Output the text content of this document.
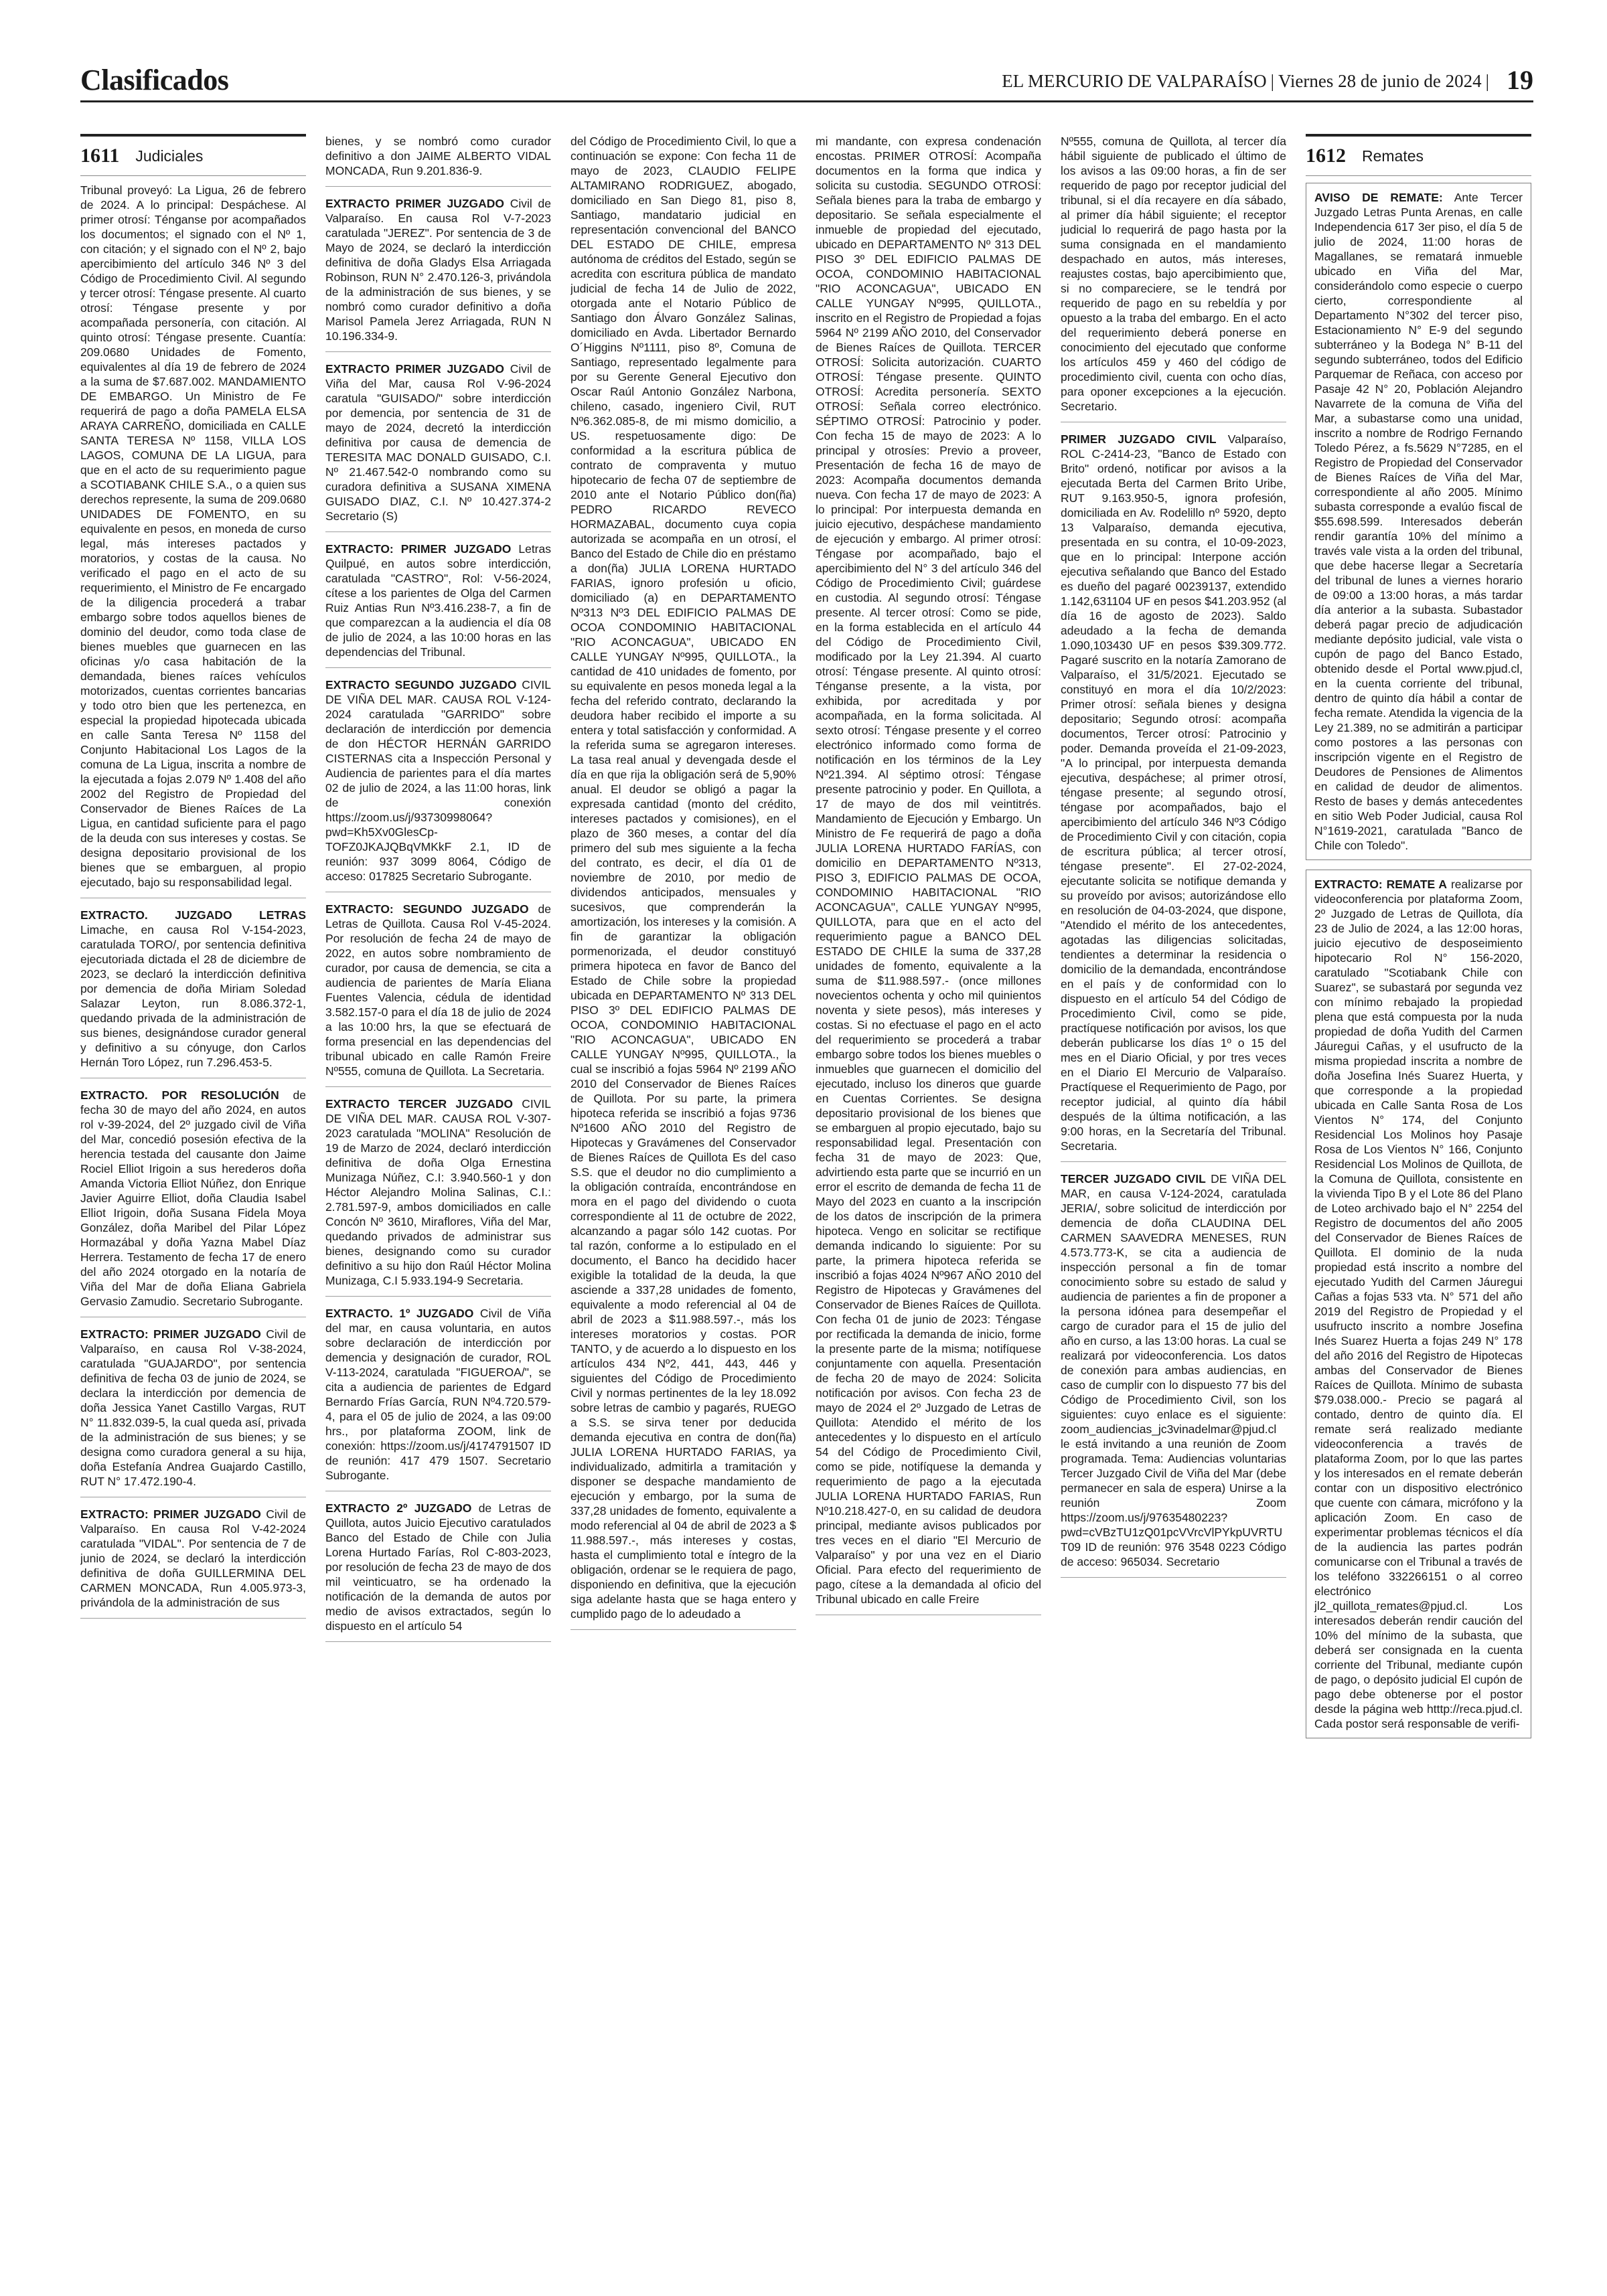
Clasificados	EL MERCURIO DE VALPARAÍSO | Viernes 28 de junio de 2024 | 19
1611 Judiciales

Tribunal proveyó: La Ligua, 26 de febrero de 2024. A lo principal: Despáchese. Al primer otrosí: Ténganse por acompañados los documentos; el signado con el Nº 1, con citación; y el signado con el Nº 2, bajo apercibimiento del artículo 346 Nº 3 del Código de Procedimiento Civil. Al segundo y tercer otrosí: Téngase presente. Al cuarto otrosí: Téngase presente y por acompañada personería, con citación. Al quinto otrosí: Téngase presente. Cuantía: 209.0680 Unidades de Fomento, equivalentes al día 19 de febrero de 2024 a la suma de $7.687.002. MANDAMIENTO DE EMBARGO. Un Ministro de Fe requerirá de pago a doña PAMELA ELSA ARAYA CARREÑO, domiciliada en CALLE SANTA TERESA Nº 1158, VILLA LOS LAGOS, COMUNA DE LA LIGUA, para que en el acto de su requerimiento pague a SCOTIABANK CHILE S.A., o a quien sus derechos represente, la suma de 209.0680 UNIDADES DE FOMENTO, en su equivalente en pesos, en moneda de curso legal, más intereses pactados y moratorios, y costas de la causa. No verificado el pago en el acto de su requerimiento, el Ministro de Fe encargado de la diligencia procederá a trabar embargo sobre todos aquellos bienes de dominio del deudor, como toda clase de bienes muebles que guarnecen en las oficinas y/o casa habitación de la demandada, bienes raíces vehículos motorizados, cuentas corrientes bancarias y todo otro bien que les pertenezca, en especial la propiedad hipotecada ubicada en calle Santa Teresa Nº 1158 del Conjunto Habitacional Los Lagos de la comuna de La Ligua, inscrita a nombre de la ejecutada a fojas 2.079 Nº 1.408 del año 2002 del Registro de Propiedad del Conservador de Bienes Raíces de La Ligua, en cantidad suficiente para el pago de la deuda con sus intereses y costas. Se designa depositario provisional de los bienes que se embarguen, al propio ejecutado, bajo su responsabilidad legal.

EXTRACTO. JUZGADO LETRAS Limache, en causa Rol V-154-2023, caratulada TORO/, por sentencia definitiva ejecutoriada dictada el 28 de diciembre de 2023, se declaró la interdicción definitiva por demencia de doña Miriam Soledad Salazar Leyton, run 8.086.372-1, quedando privada de la administración de sus bienes, designándose curador general y definitivo a su cónyuge, don Carlos Hernán Toro López, run 7.296.453-5.

EXTRACTO. POR RESOLUCIÓN de fecha 30 de mayo del año 2024, en autos rol v-39-2024, del 2º juzgado civil de Viña del Mar, concedió posesión efectiva de la herencia testada del causante don Jaime Rociel Elliot Irigoin a sus herederos doña Amanda Victoria Elliot Núñez, don Enrique Javier Aguirre Elliot, doña Claudia Isabel Elliot Irigoin, doña Susana Fidela Moya González, doña Maribel del Pilar López Hormazábal y doña Yazna Mabel Díaz Herrera. Testamento de fecha 17 de enero del año 2024 otorgado en la notaría de Viña del Mar de doña Eliana Gabriela Gervasio Zamudio. Secretario Subrogante.

EXTRACTO: PRIMER JUZGADO Civil de Valparaíso, en causa Rol V-38-2024, caratulada "GUAJARDO", por sentencia definitiva de fecha 03 de junio de 2024, se declara la interdicción por demencia de doña Jessica Yanet Castillo Vargas, RUT N° 11.832.039-5, la cual queda así, privada de la administración de sus bienes; y se designa como curadora general a su hija, doña Estefanía Andrea Guajardo Castillo, RUT N° 17.472.190-4.

EXTRACTO: PRIMER JUZGADO Civil de Valparaíso. En causa Rol V-42-2024 caratulada "VIDAL". Por sentencia de 7 de junio de 2024, se declaró la interdicción definitiva de doña GUILLERMINA DEL CARMEN MONCADA, Run 4.005.973-3, privándola de la administración de sus

bienes, y se nombró como curador definitivo a don JAIME ALBERTO VIDAL MONCADA, Run 9.201.836-9.

EXTRACTO PRIMER JUZGADO Civil de Valparaíso. En causa Rol V-7-2023 caratulada "JEREZ". Por sentencia de 3 de Mayo de 2024, se declaró la interdicción definitiva de doña Gladys Elsa Arriagada Robinson, RUN N° 2.470.126-3, privándola de la administración de sus bienes, y se nombró como curador definitivo a doña Marisol Pamela Jerez Arriagada, RUN N 10.196.334-9.

EXTRACTO PRIMER JUZGADO Civil de Viña del Mar, causa Rol V-96-2024 caratula "GUISADO/" sobre interdicción por demencia, por sentencia de 31 de mayo de 2024, decretó la interdicción definitiva por causa de demencia de TERESITA MAC DONALD GUISADO, C.I. Nº 21.467.542-0 nombrando como su curadora definitiva a SUSANA XIMENA GUISADO DIAZ, C.I. Nº 10.427.374-2 Secretario (S)

EXTRACTO: PRIMER JUZGADO Letras Quilpué, en autos sobre interdicción, caratulada "CASTRO", Rol: V-56-2024, cítese a los parientes de Olga del Carmen Ruiz Antias Run Nº3.416.238-7, a fin de que comparezcan a la audiencia el día 08 de julio de 2024, a las 10:00 horas en las dependencias del Tribunal.

EXTRACTO SEGUNDO JUZGADO CIVIL DE VIÑA DEL MAR. CAUSA ROL V-124-2024 caratulada "GARRIDO" sobre declaración de interdicción por demencia de don HÉCTOR HERNÁN GARRIDO CISTERNAS cita a Inspección Personal y Audiencia de parientes para el día martes 02 de julio de 2024, a las 11:00 horas, link de conexión https://zoom.us/j/93730998064?pwd=Kh5Xv0GlesCp-TOFZ0JKAJQBqVMKkF 2.1, ID de reunión: 937 3099 8064, Código de acceso: 017825 Secretario Subrogante.

EXTRACTO: SEGUNDO JUZGADO de Letras de Quillota. Causa Rol V-45-2024. Por resolución de fecha 24 de mayo de 2022, en autos sobre nombramiento de curador, por causa de demencia, se cita a audiencia de parientes de María Eliana Fuentes Valencia, cédula de identidad 3.582.157-0 para el día 18 de julio de 2024 a las 10:00 hrs, la que se efectuará de forma presencial en las dependencias del tribunal ubicado en calle Ramón Freire Nº555, comuna de Quillota. La Secretaria.

EXTRACTO TERCER JUZGADO CIVIL DE VIÑA DEL MAR. CAUSA ROL V-307-2023 caratulada "MOLINA" Resolución de 19 de Marzo de 2024, declaró interdicción definitiva de doña Olga Ernestina Munizaga Núñez, C.I: 3.940.560-1 y don Héctor Alejandro Molina Salinas, C.I.: 2.781.597-9, ambos domiciliados en calle Concón Nº 3610, Miraflores, Viña del Mar, quedando privados de administrar sus bienes, designando como su curador definitivo a su hijo don Raúl Héctor Molina Munizaga, C.I 5.933.194-9 Secretaria.

EXTRACTO. 1º JUZGADO Civil de Viña del mar, en causa voluntaria, en autos sobre declaración de interdicción por demencia y designación de curador, ROL V-113-2024, caratulada "FIGUEROA/", se cita a audiencia de parientes de Edgard Bernardo Frías García, RUN Nº4.720.579-4, para el 05 de julio de 2024, a las 09:00 hrs., por plataforma ZOOM, link de conexión: https://zoom.us/j/4174791507 ID de reunión: 417 479 1507. Secretario Subrogante.

EXTRACTO 2º JUZGADO de Letras de Quillota, autos Juicio Ejecutivo caratulados Banco del Estado de Chile con Julia Lorena Hurtado Farías, Rol C-803-2023, por resolución de fecha 23 de mayo de dos mil veinticuatro, se ha ordenado la notificación de la demanda de autos por medio de avisos extractados, según lo dispuesto en el artículo 54

del Código de Procedimiento Civil, lo que a continuación se expone: Con fecha 11 de mayo de 2023, CLAUDIO FELIPE ALTAMIRANO RODRIGUEZ, abogado, domiciliado en San Diego 81, piso 8, Santiago, mandatario judicial en representación convencional del BANCO DEL ESTADO DE CHILE, empresa autónoma de créditos del Estado, según se acredita con escritura pública de mandato judicial de fecha 14 de Julio de 2022, otorgada ante el Notario Público de Santiago don Álvaro González Salinas, domiciliado en Avda. Libertador Bernardo O´Higgins Nº1111, piso 8º, Comuna de Santiago, representado legalmente para por su Gerente General Ejecutivo don Oscar Raúl Antonio González Narbona, chileno, casado, ingeniero Civil, RUT Nº6.362.085-8, de mi mismo domicilio, a US. respetuosamente digo: De conformidad a la escritura pública de contrato de compraventa y mutuo hipotecario de fecha 07 de septiembre de 2010 ante el Notario Público don(ña) PEDRO RICARDO REVECO HORMAZABAL, documento cuya copia autorizada se acompaña en un otrosí, el Banco del Estado de Chile dio en préstamo a don(ña) JULIA LORENA HURTADO FARIAS, ignoro profesión u oficio, domiciliado (a) en DEPARTAMENTO Nº313 Nº3 DEL EDIFICIO PALMAS DE OCOA CONDOMINIO HABITACIONAL "RIO ACONCAGUA", UBICADO EN CALLE YUNGAY Nº995, QUILLOTA., la cantidad de 410 unidades de fomento, por su equivalente en pesos moneda legal a la fecha del referido contrato, declarando la deudora haber recibido el importe a su entera y total satisfacción y conformidad. A la referida suma se agregaron intereses. La tasa real anual y devengada desde el día en que rija la obligación será de 5,90% anual. El deudor se obligó a pagar la expresada cantidad (monto del crédito, intereses pactados y comisiones), en el plazo de 360 meses, a contar del día primero del sub mes siguiente a la fecha del contrato, es decir, el día 01 de noviembre de 2010, por medio de dividendos anticipados, mensuales y sucesivos, que comprenderán la amortización, los intereses y la comisión. A fin de garantizar la obligación pormenorizada, el deudor constituyó primera hipoteca en favor de Banco del Estado de Chile sobre la propiedad ubicada en DEPARTAMENTO Nº 313 DEL PISO 3º DEL EDIFICIO PALMAS DE OCOA, CONDOMINIO HABITACIONAL "RIO ACONCAGUA", UBICADO EN CALLE YUNGAY Nº995, QUILLOTA., la cual se inscribió a fojas 5964 Nº 2199 AÑO 2010 del Conservador de Bienes Raíces de Quillota. Por su parte, la primera hipoteca referida se inscribió a fojas 9736 Nº1600 AÑO 2010 del Registro de Hipotecas y Gravámenes del Conservador de Bienes Raíces de Quillota Es del caso S.S. que el deudor no dio cumplimiento a la obligación contraída, encontrándose en mora en el pago del dividendo o cuota correspondiente al 11 de octubre de 2022, alcanzando a pagar sólo 142 cuotas. Por tal razón, conforme a lo estipulado en el documento, el Banco ha decidido hacer exigible la totalidad de la deuda, la que asciende a 337,28 unidades de fomento, equivalente a modo referencial al 04 de abril de 2023 a $11.988.597.-, más los intereses moratorios y costas. POR TANTO, y de acuerdo a lo dispuesto en los artículos 434 Nº2, 441, 443, 446 y siguientes del Código de Procedimiento Civil y normas pertinentes de la ley 18.092 sobre letras de cambio y pagarés, RUEGO a S.S. se sirva tener por deducida demanda ejecutiva en contra de don(ña) JULIA LORENA HURTADO FARIAS, ya individualizado, admitirla a tramitación y disponer se despache mandamiento de ejecución y embargo, por la suma de 337,28 unidades de fomento, equivalente a modo referencial al 04 de abril de 2023 a $ 11.988.597.-, más intereses y costas, hasta el cumplimiento total e íntegro de la obligación, ordenar se le requiera de pago, disponiendo en definitiva, que la ejecución siga adelante hasta que se haga entero y cumplido pago de lo adeudado a

mi mandante, con expresa condenación encostas. PRIMER OTROSÍ: Acompaña documentos en la forma que indica y solicita su custodia. SEGUNDO OTROSÍ: Señala bienes para la traba de embargo y depositario. Se señala especialmente el inmueble de propiedad del ejecutado, ubicado en DEPARTAMENTO Nº 313 DEL PISO 3º DEL EDIFICIO PALMAS DE OCOA, CONDOMINIO HABITACIONAL "RIO ACONCAGUA", UBICADO EN CALLE YUNGAY Nº995, QUILLOTA., inscrito en el Registro de Propiedad a fojas 5964 Nº 2199 AÑO 2010, del Conservador de Bienes Raíces de Quillota. TERCER OTROSÍ: Solicita autorización. CUARTO OTROSÍ: Téngase presente. QUINTO OTROSÍ: Acredita personería. SEXTO OTROSÍ: Señala correo electrónico. SÉPTIMO OTROSÍ: Patrocinio y poder. Con fecha 15 de mayo de 2023: A lo principal y otrosíes: Previo a proveer, Presentación de fecha 16 de mayo de 2023: Acompaña documentos demanda nueva. Con fecha 17 de mayo de 2023: A lo principal: Por interpuesta demanda en juicio ejecutivo, despáchese mandamiento de ejecución y embargo. Al primer otrosí: Téngase por acompañado, bajo el apercibimiento del N° 3 del artículo 346 del Código de Procedimiento Civil; guárdese en custodia. Al segundo otrosí: Téngase presente. Al tercer otrosí: Como se pide, en la forma establecida en el artículo 44 del Código de Procedimiento Civil, modificado por la Ley 21.394. Al cuarto otrosí: Téngase presente. Al quinto otrosí: Ténganse presente, a la vista, por exhibida, por acreditada y por acompañada, en la forma solicitada. Al sexto otrosí: Téngase presente y el correo electrónico informado como forma de notificación en los términos de la Ley Nº21.394. Al séptimo otrosí: Téngase presente patrocinio y poder. En Quillota, a 17 de mayo de dos mil veintitrés. Mandamiento de Ejecución y Embargo. Un Ministro de Fe requerirá de pago a doña JULIA LORENA HURTADO FARÍAS, con domicilio en DEPARTAMENTO Nº313, PISO 3, EDIFICIO PALMAS DE OCOA, CONDOMINIO HABITACIONAL "RIO ACONCAGUA", CALLE YUNGAY Nº995, QUILLOTA, para que en el acto del requerimiento pague a BANCO DEL ESTADO DE CHILE la suma de 337,28 unidades de fomento, equivalente a la suma de $11.988.597.- (once millones novecientos ochenta y ocho mil quinientos noventa y siete pesos), más intereses y costas. Si no efectuase el pago en el acto del requerimiento se procederá a trabar embargo sobre todos los bienes muebles o inmuebles que guarnecen el domicilio del ejecutado, incluso los dineros que guarde en Cuentas Corrientes. Se designa depositario provisional de los bienes que se embarguen al propio ejecutado, bajo su responsabilidad legal. Presentación con fecha 31 de mayo de 2023: Que, advirtiendo esta parte que se incurrió en un error el escrito de demanda de fecha 11 de Mayo del 2023 en cuanto a la inscripción de los datos de inscripción de la primera hipoteca. Vengo en solicitar se rectifique demanda indicando lo siguiente: Por su parte, la primera hipoteca referida se inscribió a fojas 4024 Nº967 AÑO 2010 del Registro de Hipotecas y Gravámenes del Conservador de Bienes Raíces de Quillota. Con fecha 01 de junio de 2023: Téngase por rectificada la demanda de inicio, forme la presente parte de la misma; notifíquese conjuntamente con aquella. Presentación de fecha 20 de mayo de 2024: Solicita notificación por avisos. Con fecha 23 de mayo de 2024 el 2º Juzgado de Letras de Quillota: Atendido el mérito de los antecedentes y lo dispuesto en el artículo 54 del Código de Procedimiento Civil, como se pide, notifíquese la demanda y requerimiento de pago a la ejecutada JULIA LORENA HURTADO FARIAS, Run Nº10.218.427-0, en su calidad de deudora principal, mediante avisos publicados por tres veces en el diario "El Mercurio de Valparaíso" y por una vez en el Diario Oficial. Para efecto del requerimiento de pago, cítese a la demandada al oficio del Tribunal ubicado en calle Freire

Nº555, comuna de Quillota, al tercer día hábil siguiente de publicado el último de los avisos a las 09:00 horas, a fin de ser requerido de pago por receptor judicial del tribunal, si el día recayere en día sábado, al primer día hábil siguiente; el receptor judicial lo requerirá de pago hasta por la suma consignada en el mandamiento despachado en autos, más intereses, reajustes costas, bajo apercibimiento que, si no compareciere, se le tendrá por requerido de pago en su rebeldía y por opuesto a la traba del embargo. En el acto del requerimiento deberá ponerse en conocimiento del ejecutado que conforme los artículos 459 y 460 del código de procedimiento civil, cuenta con ocho días, para oponer excepciones a la ejecución. Secretario.

PRIMER JUZGADO CIVIL Valparaíso, ROL C-2414-23, "Banco de Estado con Brito" ordenó, notificar por avisos a la ejecutada Berta del Carmen Brito Uribe, RUT 9.163.950-5, ignora profesión, domiciliada en Av. Rodelillo nº 5920, depto 13 Valparaíso, demanda ejecutiva, presentada en su contra, el 10-09-2023, que en lo principal: Interpone acción ejecutiva señalando que Banco del Estado es dueño del pagaré 00239137, extendido 1.142,631104 UF en pesos $41.203.952 (al día 16 de agosto de 2023). Saldo adeudado a la fecha de demanda 1.090,103430 UF en pesos $39.309.772. Pagaré suscrito en la notaría Zamorano de Valparaíso, el 31/5/2021. Ejecutado se constituyó en mora el día 10/2/2023: Primer otrosí: señala bienes y designa depositario; Segundo otrosí: acompaña documentos, Tercer otrosí: Patrocinio y poder. Demanda proveída el 21-09-2023, "A lo principal, por interpuesta demanda ejecutiva, despáchese; al primer otrosí, téngase presente; al segundo otrosí, téngase por acompañados, bajo el apercibimiento del artículo 346 Nº3 Código de Procedimiento Civil y con citación, copia de escritura pública; al tercer otrosí, téngase presente". El 27-02-2024, ejecutante solicita se notifique demanda y su proveído por avisos; autorizándose ello en resolución de 04-03-2024, que dispone, "Atendido el mérito de los antecedentes, agotadas las diligencias solicitadas, tendientes a determinar la residencia o domicilio de la demandada, encontrándose en el país y de conformidad con lo dispuesto en el artículo 54 del Código de Procedimiento Civil, como se pide, practíquese notificación por avisos, los que deberán publicarse los días 1º o 15 del mes en el Diario Oficial, y por tres veces en el Diario El Mercurio de Valparaíso. Practíquese el Requerimiento de Pago, por receptor judicial, al quinto día hábil después de la última notificación, a las 9:00 horas, en la Secretaría del Tribunal. Secretaria.

TERCER JUZGADO CIVIL DE VIÑA DEL MAR, en causa V-124-2024, caratulada JERIA/, sobre solicitud de interdicción por demencia de doña CLAUDINA DEL CARMEN SAAVEDRA MENESES, RUN 4.573.773-K, se cita a audiencia de inspección personal a fin de tomar conocimiento sobre su estado de salud y audiencia de parientes a fin de proponer a la persona idónea para desempeñar el cargo de curador para el 15 de julio del año en curso, a las 13:00 horas. La cual se realizará por videoconferencia. Los datos de conexión para ambas audiencias, en caso de cumplir con lo dispuesto 77 bis del Código de Procedimiento Civil, son los siguientes: cuyo enlace es el siguiente: zoom_audiencias_jc3vinadelmar@pjud.cl le está invitando a una reunión de Zoom programada. Tema: Audiencias voluntarias Tercer Juzgado Civil de Viña del Mar (debe permanecer en sala de espera) Unirse a la reunión Zoom https://zoom.us/j/97635480223?pwd=cVBzTU1zQ01pcVVrcVlPYkpUVRTUT09 ID de reunión: 976 3548 0223 Código de acceso: 965034. Secretario

1612 Remates

AVISO DE REMATE: Ante Tercer Juzgado Letras Punta Arenas, en calle Independencia 617 3er piso, el día 5 de julio de 2024, 11:00 horas de Magallanes, se rematará inmueble ubicado en Viña del Mar, considerándolo como especie o cuerpo cierto, correspondiente al Departamento N°302 del tercer piso, Estacionamiento N° E-9 del segundo subterráneo y la Bodega N° B-11 del segundo subterráneo, todos del Edificio Parquemar de Reñaca, con acceso por Pasaje 42 N° 20, Población Alejandro Navarrete de la comuna de Viña del Mar, a subastarse como una unidad, inscrito a nombre de Rodrigo Fernando Toledo Pérez, a fs.5629 N°7285, en el Registro de Propiedad del Conservador de Bienes Raíces de Viña del Mar, correspondiente al año 2005. Mínimo subasta corresponde a evalúo fiscal de $55.698.599. Interesados deberán rendir garantía 10% del mínimo a través vale vista a la orden del tribunal, que debe hacerse llegar a Secretaría del tribunal de lunes a viernes horario de 09:00 a 13:00 horas, a más tardar día anterior a la subasta. Subastador deberá pagar precio de adjudicación mediante depósito judicial, vale vista o cupón de pago del Banco Estado, obtenido desde el Portal www.pjud.cl, en la cuenta corriente del tribunal, dentro de quinto día hábil a contar de fecha remate. Atendida la vigencia de la Ley 21.389, no se admitirán a participar como postores a las personas con inscripción vigente en el Registro de Deudores de Pensiones de Alimentos en calidad de deudor de alimentos. Resto de bases y demás antecedentes en sitio Web Poder Judicial, causa Rol N°1619-2021, caratulada "Banco de Chile con Toledo".

EXTRACTO: REMATE A realizarse por videoconferencia por plataforma Zoom, 2º Juzgado de Letras de Quillota, día 23 de Julio de 2024, a las 12:00 horas, juicio ejecutivo de desposeimiento hipotecario Rol N° 156-2020, caratulado "Scotiabank Chile con Suarez", se subastará por segunda vez con mínimo rebajado la propiedad plena que está compuesta por la nuda propiedad de doña Yudith del Carmen Jáuregui Cañas, y el usufructo de la misma propiedad inscrita a nombre de doña Josefina Inés Suarez Huerta, y que corresponde a la propiedad ubicada en Calle Santa Rosa de Los Vientos N° 174, del Conjunto Residencial Los Molinos hoy Pasaje Rosa de Los Vientos N° 166, Conjunto Residencial Los Molinos de Quillota, de la Comuna de Quillota, consistente en la vivienda Tipo B y el Lote 86 del Plano de Loteo archivado bajo el N° 2254 del Registro de documentos del año 2005 del Conservador de Bienes Raíces de Quillota. El dominio de la nuda propiedad está inscrito a nombre del ejecutado Yudith del Carmen Jáuregui Cañas a fojas 533 vta. N° 571 del año 2019 del Registro de Propiedad y el usufructo inscrito a nombre Josefina Inés Suarez Huerta a fojas 249 N° 178 del año 2016 del Registro de Hipotecas ambas del Conservador de Bienes Raíces de Quillota. Mínimo de subasta $79.038.000.- Precio se pagará al contado, dentro de quinto día. El remate será realizado mediante videoconferencia a través de plataforma Zoom, por lo que las partes y los interesados en el remate deberán contar con un dispositivo electrónico que cuente con cámara, micrófono y la aplicación Zoom. En caso de experimentar problemas técnicos el día de la audiencia las partes podrán comunicarse con el Tribunal a través de los teléfono 332266151 o al correo electrónico jl2_quillota_remates@pjud.cl. Los interesados deberán rendir caución del 10% del mínimo de la subasta, que deberá ser consignada en la cuenta corriente del Tribunal, mediante cupón de pago, o depósito judicial El cupón de pago debe obtenerse por el postor desde la página web htttp://reca.pjud.cl. Cada postor será responsable de verifi-
